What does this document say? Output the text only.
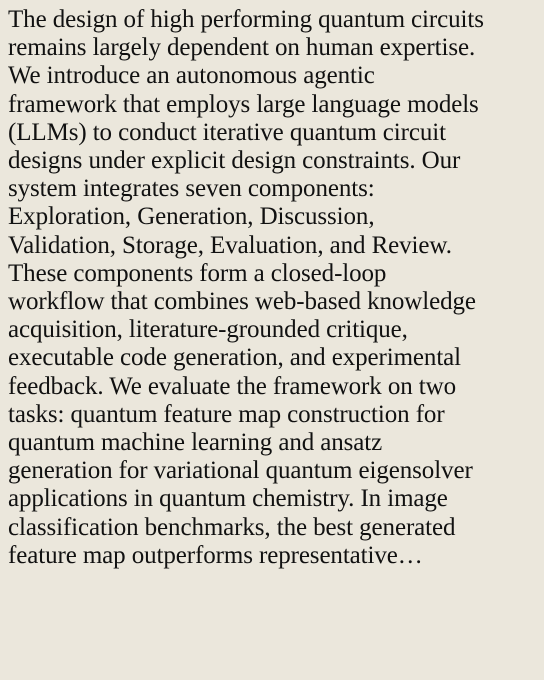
The design of high performing quantum circuits
remains largely dependent on human expertise.
We introduce an autonomous agentic
framework that employs large language models
(LLMs) to conduct iterative quantum circuit
designs under explicit design constraints. Our
system integrates seven components:
Exploration, Generation, Discussion,
Validation, Storage, Evaluation, and Review.
These components form a closed-loop
workflow that combines web-based knowledge
acquisition, literature-grounded critique,
executable code generation, and experimental
feedback. We evaluate the framework on two
tasks: quantum feature map construction for
quantum machine learning and ansatz
generation for variational quantum eigensolver
applications in quantum chemistry. In image
classification benchmarks, the best generated
feature map outperforms representative…
